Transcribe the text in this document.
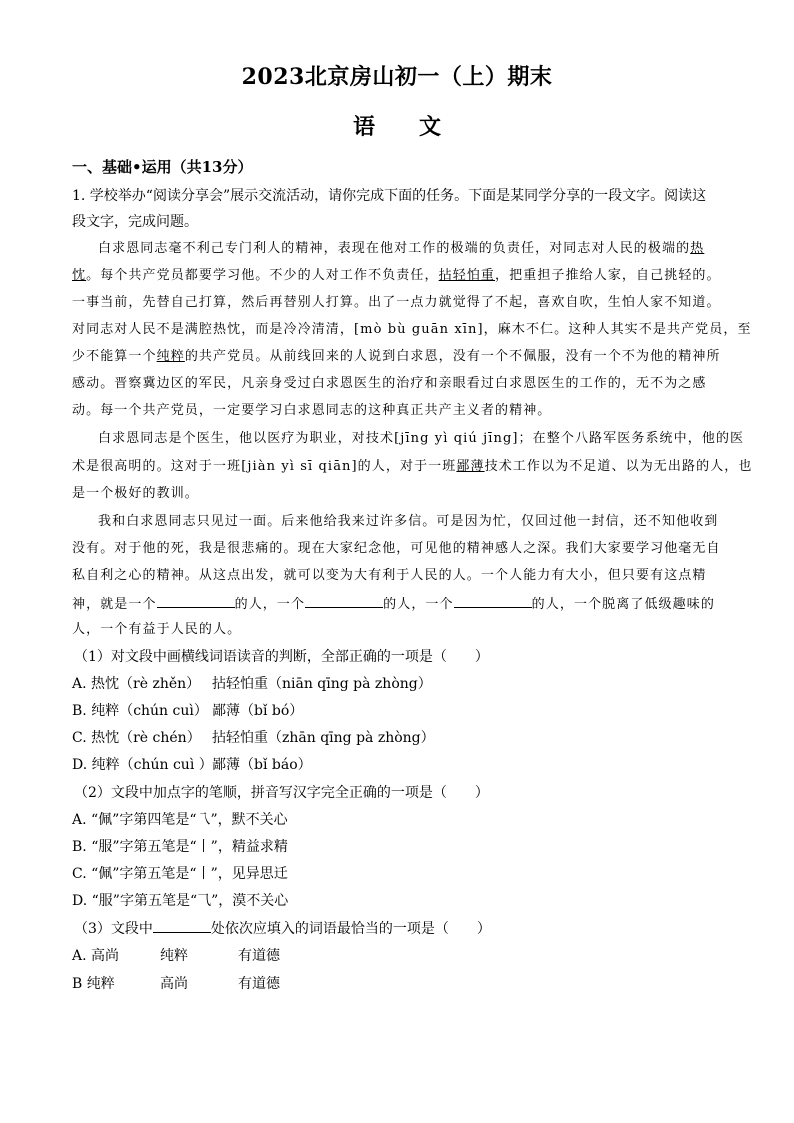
2023北京房山初一（上）期末
语　　文
一、基础•运用（共13分）
1. 学校举办“阅读分享会”展示交流活动，请你完成下面的任务。下面是某同学分享的一段文字。阅读这
段文字，完成问题。
白求恩同志毫不利己专门利人的精神，表现在他对工作的极端的负责任，对同志对人民的极端的热
忱。每个共产党员都要学习他。不少的人对工作不负责任，拈轻怕重，把重担子推给人家，自己挑轻的。
一事当前，先替自己打算，然后再替别人打算。出了一点力就觉得了不起，喜欢自吹，生怕人家不知道。
对同志对人民不是满腔热忱，而是冷冷清清，[mò bù guān xīn]，麻木不仁。这种人其实不是共产党员，至
少不能算一个纯粹的共产党员。从前线回来的人说到白求恩，没有一个不佩服，没有一个不为他的精神所
感动。晋察冀边区的军民，凡亲身受过白求恩医生的治疗和亲眼看过白求恩医生的工作的，无不为之感
动。每一个共产党员，一定要学习白求恩同志的这种真正共产主义者的精神。
白求恩同志是个医生，他以医疗为职业，对技术[jīng yì qiú jīng]；在整个八路军医务系统中，他的医
术是很高明的。这对于一班[jiàn yì sī qiān]的人，对于一班鄙薄技术工作以为不足道、以为无出路的人，也
是一个极好的教训。
我和白求恩同志只见过一面。后来他给我来过许多信。可是因为忙，仅回过他一封信，还不知他收到
没有。对于他的死，我是很悲痛的。现在大家纪念他，可见他的精神感人之深。我们大家要学习他毫无自
私自利之心的精神。从这点出发，就可以变为大有利于人民的人。一个人能力有大小，但只要有这点精
神，就是一个	的人，一个	的人，一个	的人，一个脱离了低级趣味的
人，一个有益于人民的人。
（1）对文段中画横线词语读音的判断，全部正确的一项是（　　）
A. 热忱（rè zhěn） 拈轻怕重（niān qīng pà zhòng）
B. 纯粹（chún cuì） 鄙薄（bǐ bó）
C. 热忱（rè chén） 拈轻怕重（zhān qīng pà zhòng）
D. 纯粹（chún cuì ）鄙薄（bǐ báo）
（2）文段中加点字的笔顺，拼音写汉字完全正确的一项是（　　）
A. “佩”字第四笔是“乁”，默不关心
B. “服”字第五笔是“丨”，精益求精
C. “佩”字第五笔是“丨”，见异思迁
D. “服”字第五笔是“⺄”，漠不关心
（3）文段中	处依次应填入的词语最恰当的一项是（　　）
A. 高尚	纯粹	有道德
B 纯粹	高尚	有道德
